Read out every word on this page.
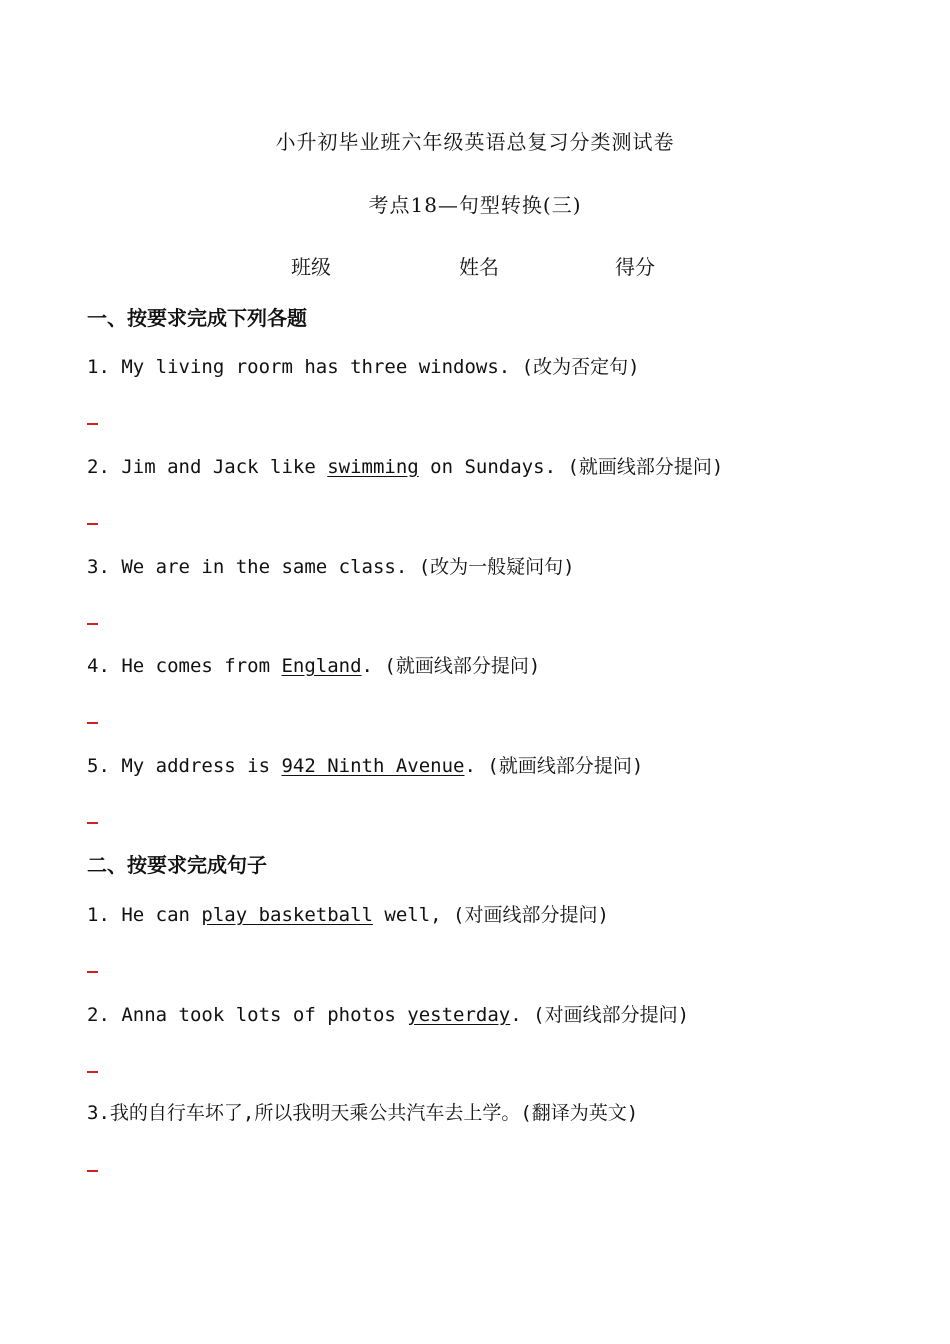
小升初毕业班六年级英语总复习分类测试卷
考点18—句型转换(三)
班级	姓名	得分
一、按要求完成下列各题
1. My living roorm has three windows. (改为否定句)
2. Jim and Jack like swimming on Sundays. (就画线部分提问)
3. We are in the same class. (改为一般疑问句)
4. He comes from England. (就画线部分提问)
5. My address is 942 Ninth Avenue. (就画线部分提问)
二、按要求完成句子
1. He can play basketball well, (对画线部分提问)
2. Anna took lots of photos yesterday. (对画线部分提问)
3.我的自行车坏了,所以我明天乘公共汽车去上学。(翻译为英文)
